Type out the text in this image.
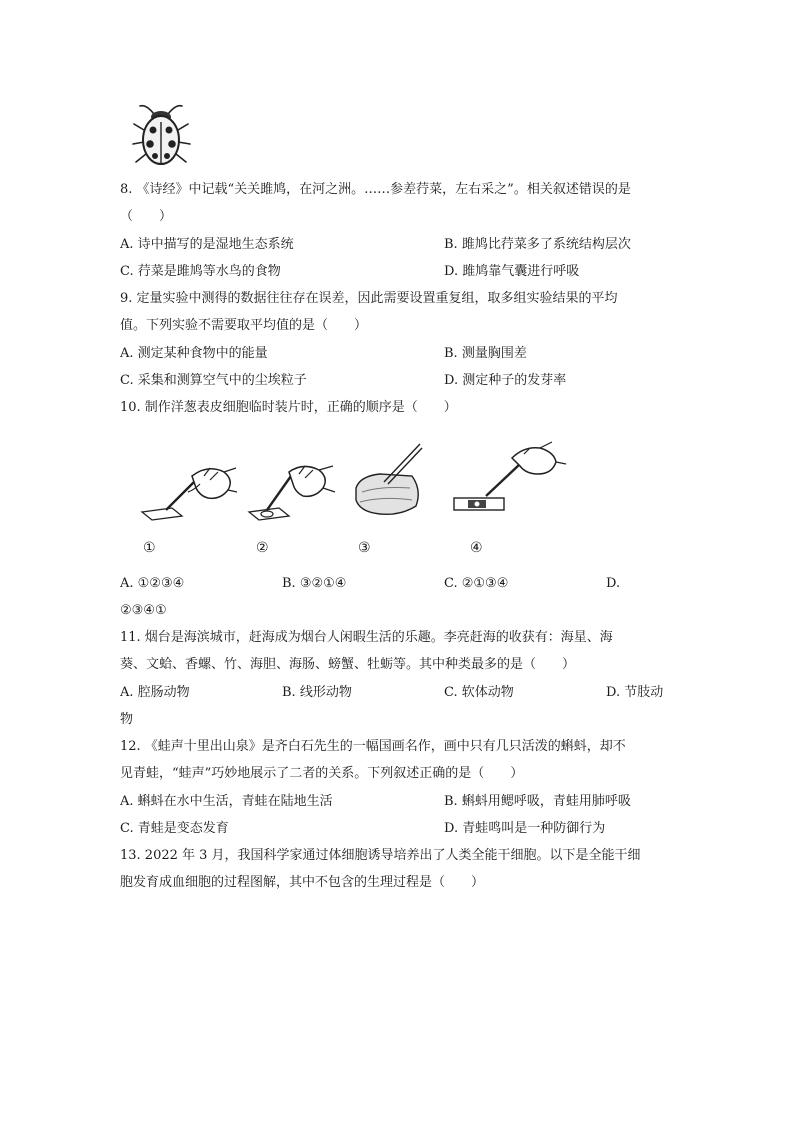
8. 《诗经》中记载“关关雎鸠，在河之洲。……参差荇菜，左右采之”。相关叙述错误的是
（　　）
A. 诗中描写的是湿地生态系统	B. 雎鸠比荇菜多了系统结构层次
C. 荇菜是雎鸠等水鸟的食物	D. 雎鸠靠气囊进行呼吸
9. 定量实验中测得的数据往往存在误差，因此需要设置重复组，取多组实验结果的平均
值。下列实验不需要取平均值的是（　　）
A. 测定某种食物中的能量	B. 测量胸围差
C. 采集和测算空气中的尘埃粒子	D. 测定种子的发芽率
10. 制作洋葱表皮细胞临时装片时，正确的顺序是（　　）
①	②	③	④
A. ①②③④	B. ③②①④	C. ②①③④	D.
②③④①
11. 烟台是海滨城市，赶海成为烟台人闲暇生活的乐趣。李亮赶海的收获有：海星、海
葵、文蛤、香螺、竹、海胆、海肠、螃蟹、牡蛎等。其中种类最多的是（　　）
A. 腔肠动物	B. 线形动物	C. 软体动物	D. 节肢动
物
12. 《蛙声十里出山泉》是齐白石先生的一幅国画名作，画中只有几只活泼的蝌蚪，却不
见青蛙，“蛙声”巧妙地展示了二者的关系。下列叙述正确的是（　　）
A. 蝌蚪在水中生活，青蛙在陆地生活	B. 蝌蚪用鳃呼吸，青蛙用肺呼吸
C. 青蛙是变态发育	D. 青蛙鸣叫是一种防御行为
13. 2022 年 3 月，我国科学家通过体细胞诱导培养出了人类全能干细胞。以下是全能干细
胞发育成血细胞的过程图解，其中不包含的生理过程是（　　）
